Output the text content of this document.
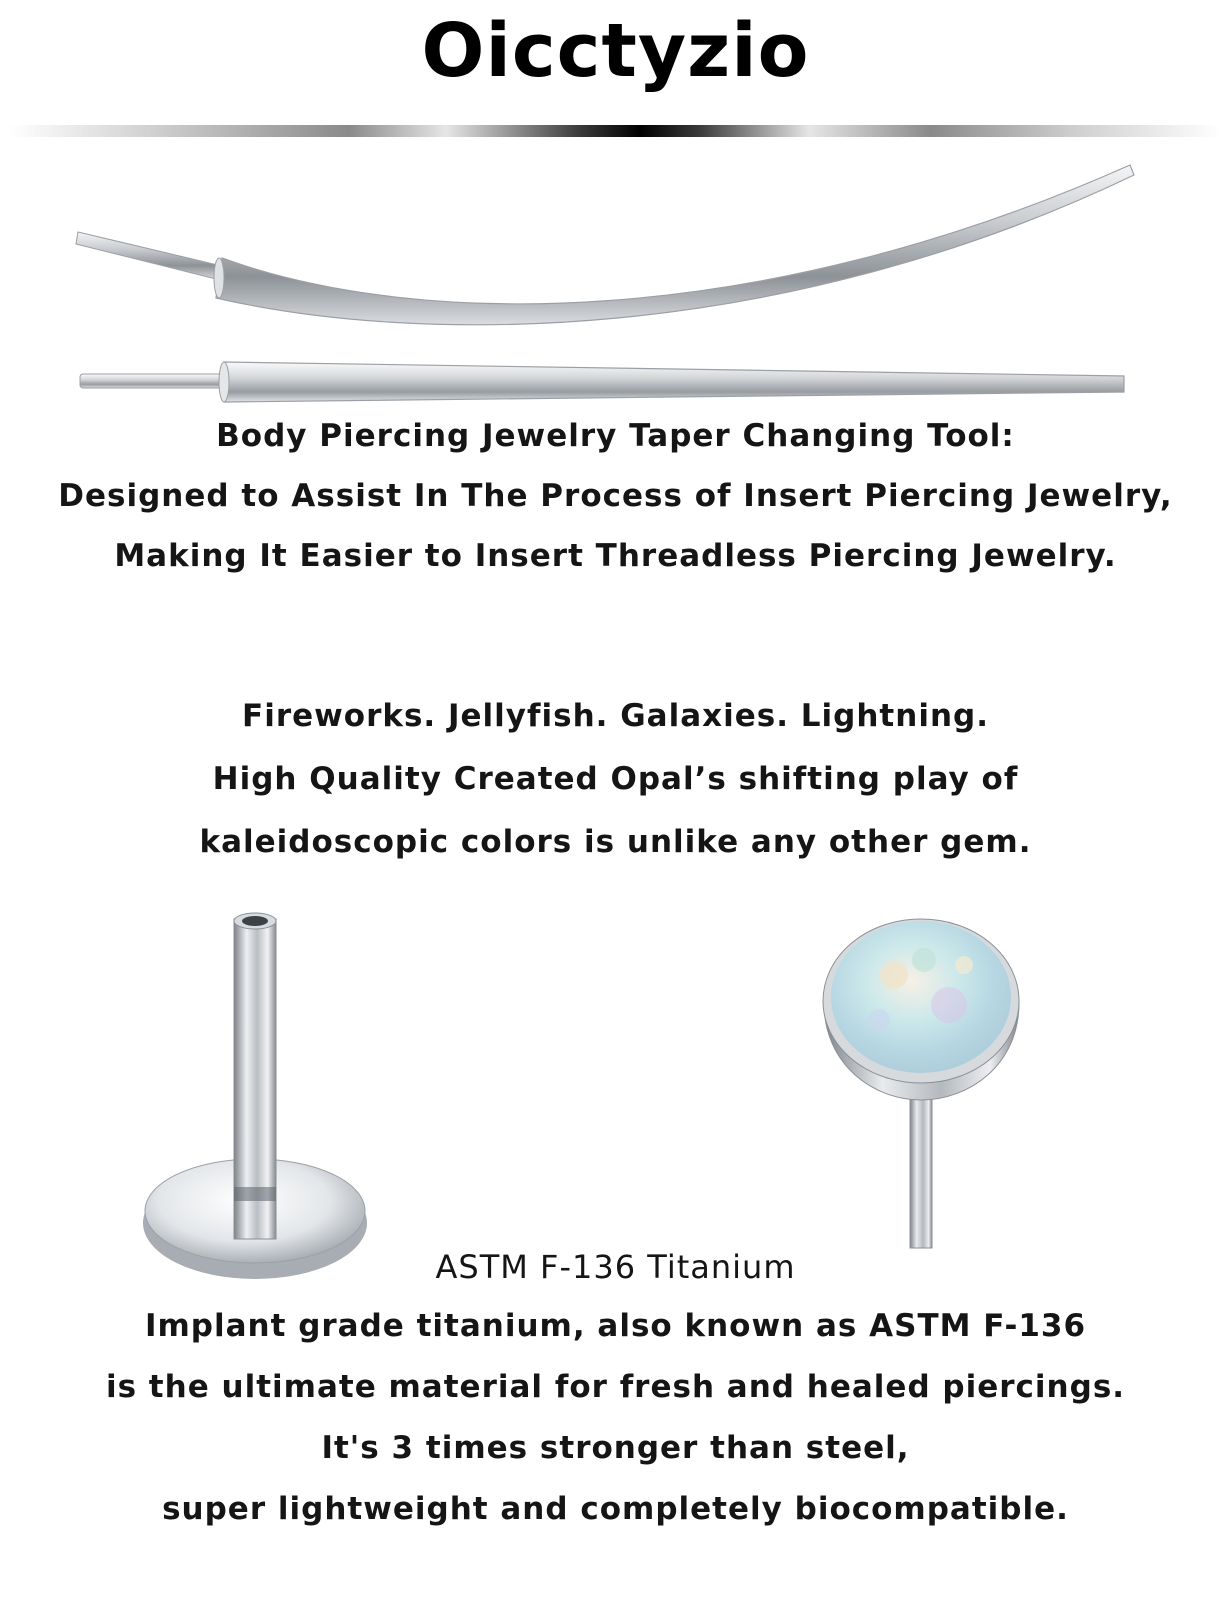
Oicctyzio
Body Piercing Jewelry Taper Changing Tool:
Designed to Assist In The Process of Insert Piercing Jewelry,
Making It Easier to Insert Threadless Piercing Jewelry.
Fireworks. Jellyfish. Galaxies. Lightning.
High Quality Created Opal’s shifting play of
kaleidoscopic colors is unlike any other gem.
ASTM F-136 Titanium
Implant grade titanium, also known as ASTM F-136
is the ultimate material for fresh and healed piercings.
It's 3 times stronger than steel,
super lightweight and completely biocompatible.
